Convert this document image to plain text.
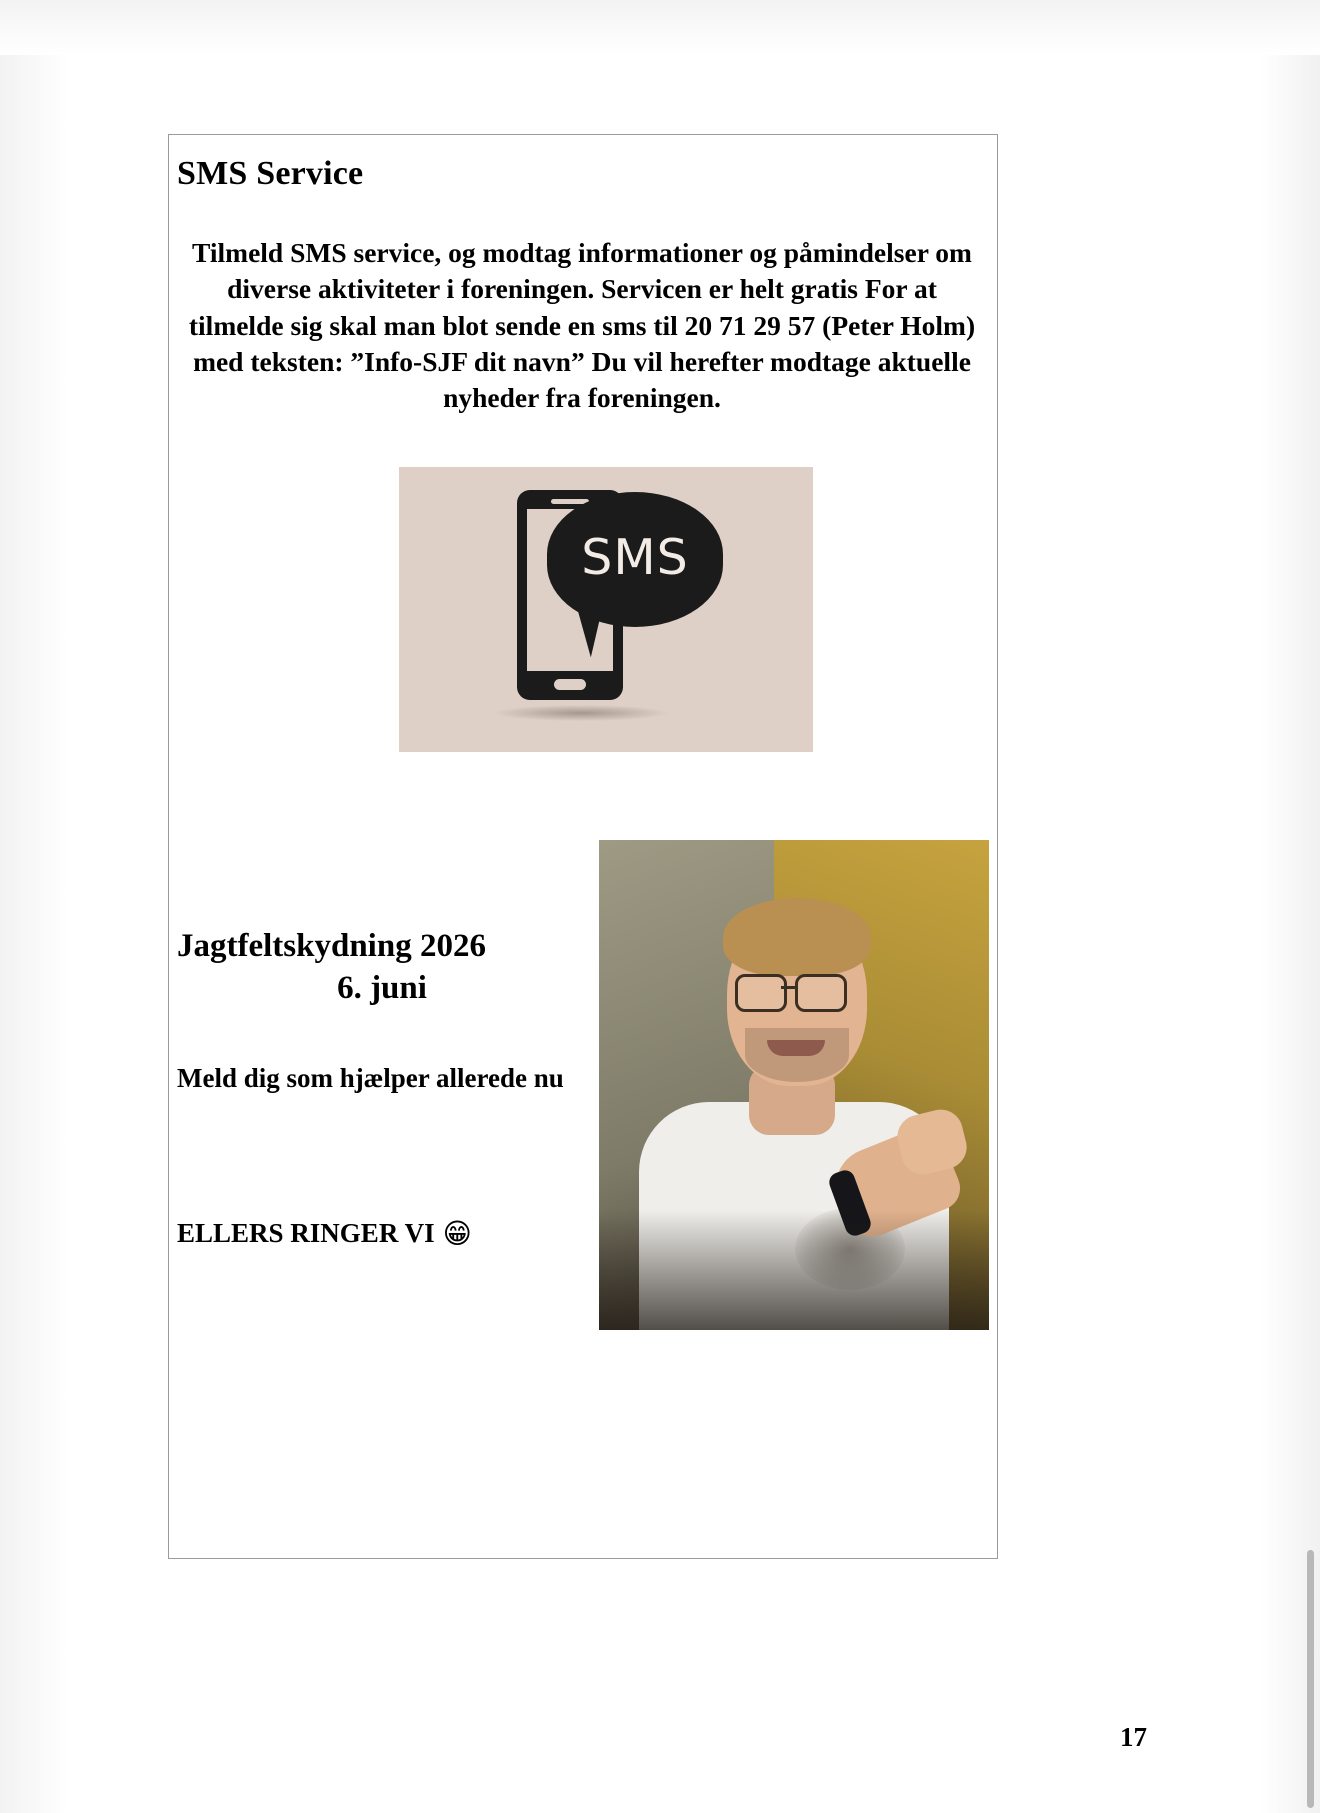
SMS Service
Tilmeld SMS service, og modtag informationer og påmindelser om diverse aktiviteter i foreningen. Servicen er helt gratis For at tilmelde sig skal man blot sende en sms til 20 71 29 57 (Peter Holm) med teksten: ”Info-SJF dit navn” Du vil herefter modtage aktuelle nyheder fra foreningen.
SMS
Jagtfeltskydning 2026
6. juni
Meld dig som hjælper allerede nu
ELLERS RINGER VI 😁
17
